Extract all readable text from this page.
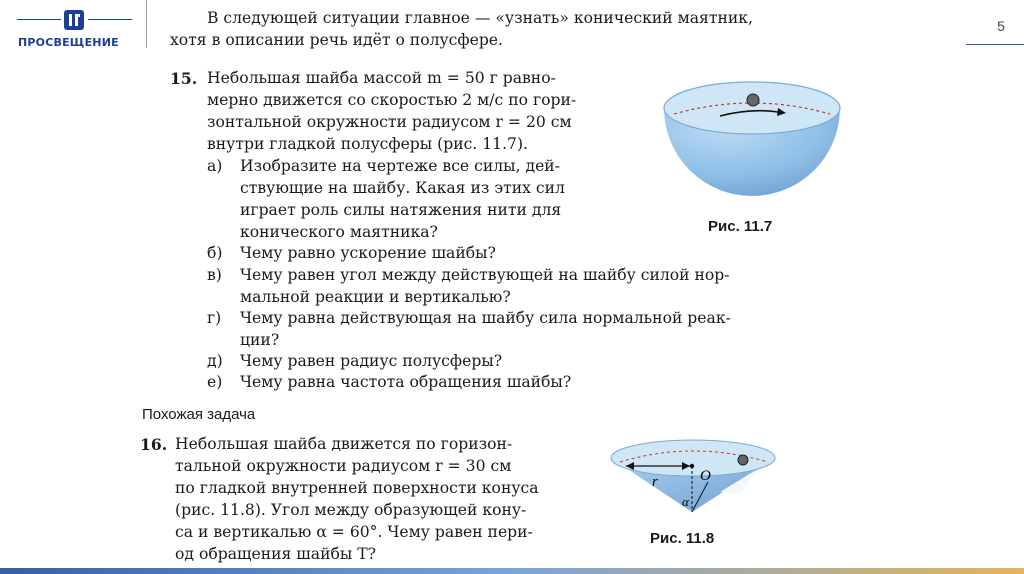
ПРОСВЕЩЕНИЕ
5
В следующей ситуации главное — «узнать» конический маятник,
хотя в описании речь идёт о полусфере.
15. Небольшая шайба массой m = 50 г равно-
мерно движется со скоростью 2 м/с по гори-
зонтальной окружности радиусом r = 20 см
внутри гладкой полусферы (рис. 11.7).
а) Изобразите на чертеже все силы, дей-
ствующие на шайбу. Какая из этих сил
играет роль силы натяжения нити для
конического маятника?
б) Чему равно ускорение шайбы?
в) Чему равен угол между действующей на шайбу силой нор-
мальной реакции и вертикалью?
г) Чему равна действующая на шайбу сила нормальной реак-
ции?
д) Чему равен радиус полусферы?
е) Чему равна частота обращения шайбы?
Похожая задача
16. Небольшая шайба движется по горизон-
тальной окружности радиусом r = 30 см
по гладкой внутренней поверхности конуса
(рис. 11.8). Угол между образующей кону-
са и вертикалью α = 60°. Чему равен пери-
од обращения шайбы T?
Рис. 11.7
r	O
α
Рис. 11.8
